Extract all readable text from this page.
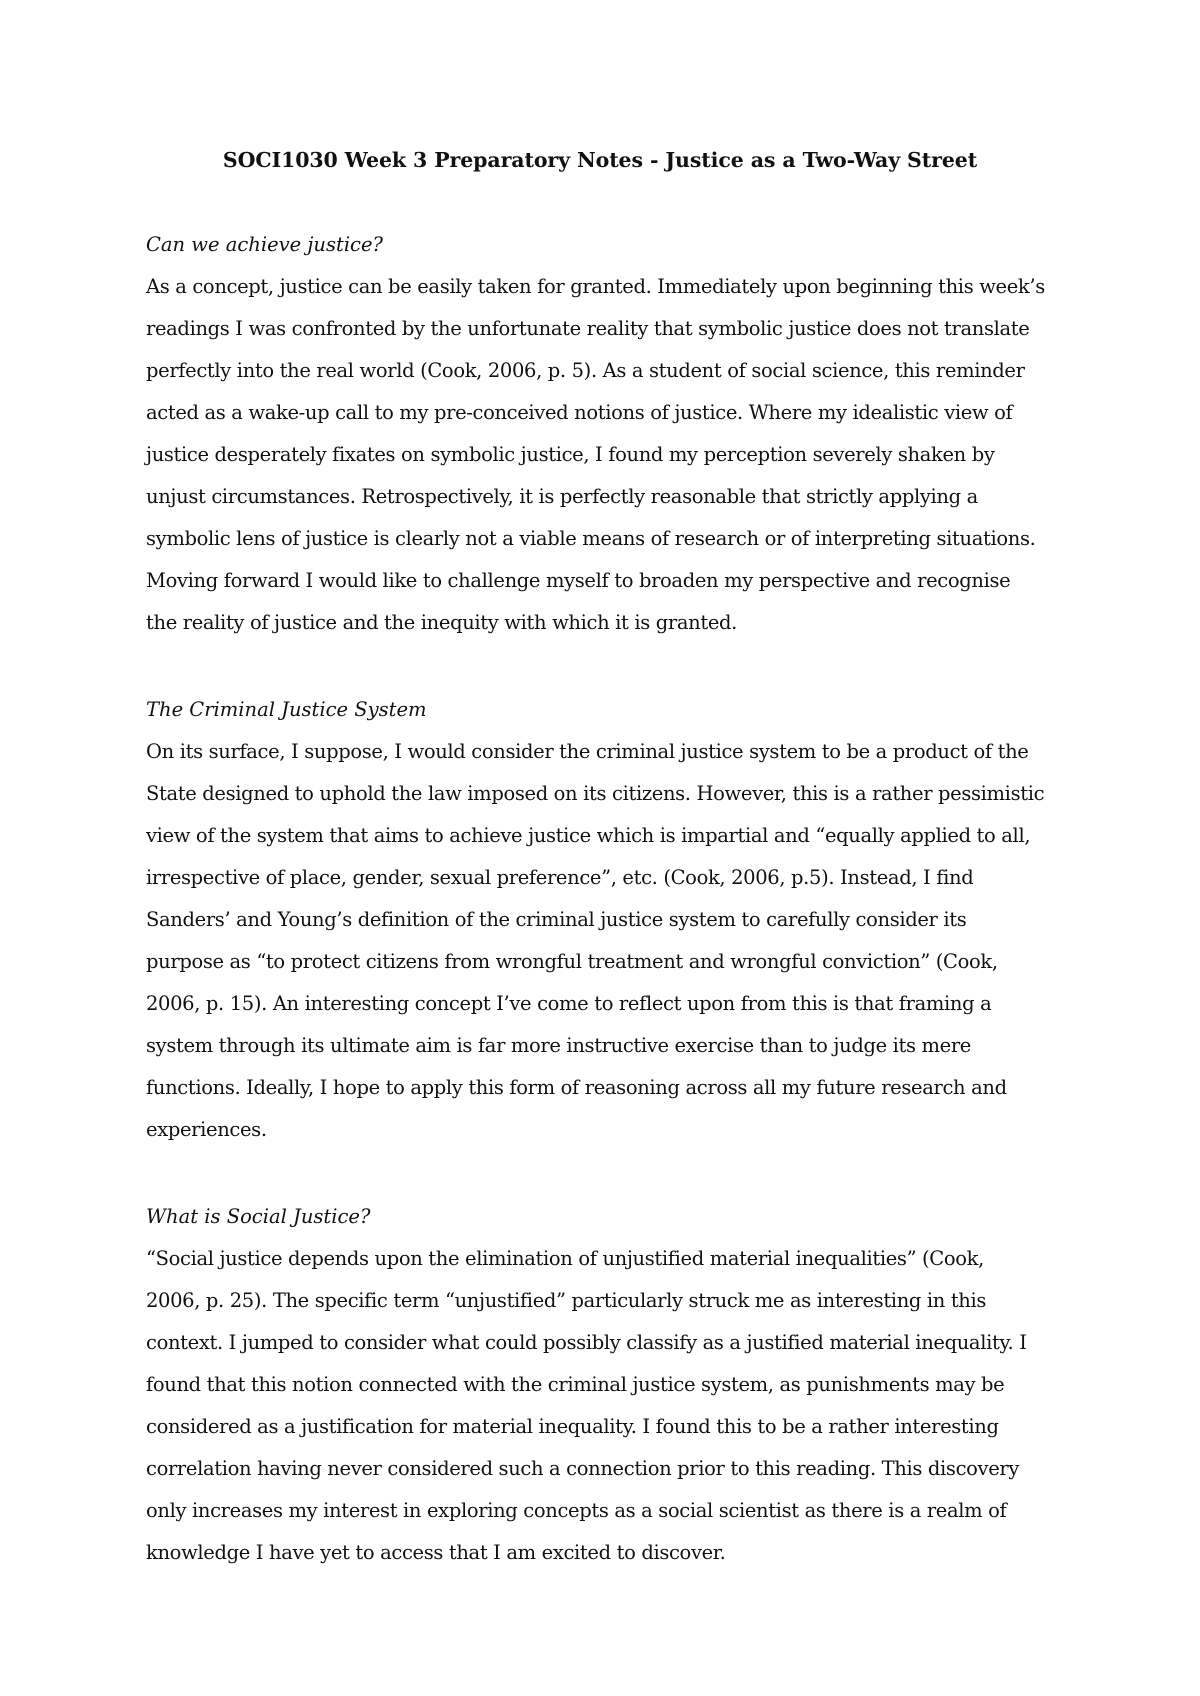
SOCI1030 Week 3 Preparatory Notes - Justice as a Two-Way Street
Can we achieve justice?
As a concept, justice can be easily taken for granted. Immediately upon beginning this week’s
readings I was confronted by the unfortunate reality that symbolic justice does not translate
perfectly into the real world (Cook, 2006, p. 5). As a student of social science, this reminder
acted as a wake-up call to my pre-conceived notions of justice. Where my idealistic view of
justice desperately fixates on symbolic justice, I found my perception severely shaken by
unjust circumstances. Retrospectively, it is perfectly reasonable that strictly applying a
symbolic lens of justice is clearly not a viable means of research or of interpreting situations.
Moving forward I would like to challenge myself to broaden my perspective and recognise
the reality of justice and the inequity with which it is granted.
The Criminal Justice System
On its surface, I suppose, I would consider the criminal justice system to be a product of the
State designed to uphold the law imposed on its citizens. However, this is a rather pessimistic
view of the system that aims to achieve justice which is impartial and “equally applied to all,
irrespective of place, gender, sexual preference”, etc. (Cook, 2006, p.5). Instead, I find
Sanders’ and Young’s definition of the criminal justice system to carefully consider its
purpose as “to protect citizens from wrongful treatment and wrongful conviction” (Cook,
2006, p. 15). An interesting concept I’ve come to reflect upon from this is that framing a
system through its ultimate aim is far more instructive exercise than to judge its mere
functions. Ideally, I hope to apply this form of reasoning across all my future research and
experiences.
What is Social Justice?
“Social justice depends upon the elimination of unjustified material inequalities” (Cook,
2006, p. 25). The specific term “unjustified” particularly struck me as interesting in this
context. I jumped to consider what could possibly classify as a justified material inequality. I
found that this notion connected with the criminal justice system, as punishments may be
considered as a justification for material inequality. I found this to be a rather interesting
correlation having never considered such a connection prior to this reading. This discovery
only increases my interest in exploring concepts as a social scientist as there is a realm of
knowledge I have yet to access that I am excited to discover.
